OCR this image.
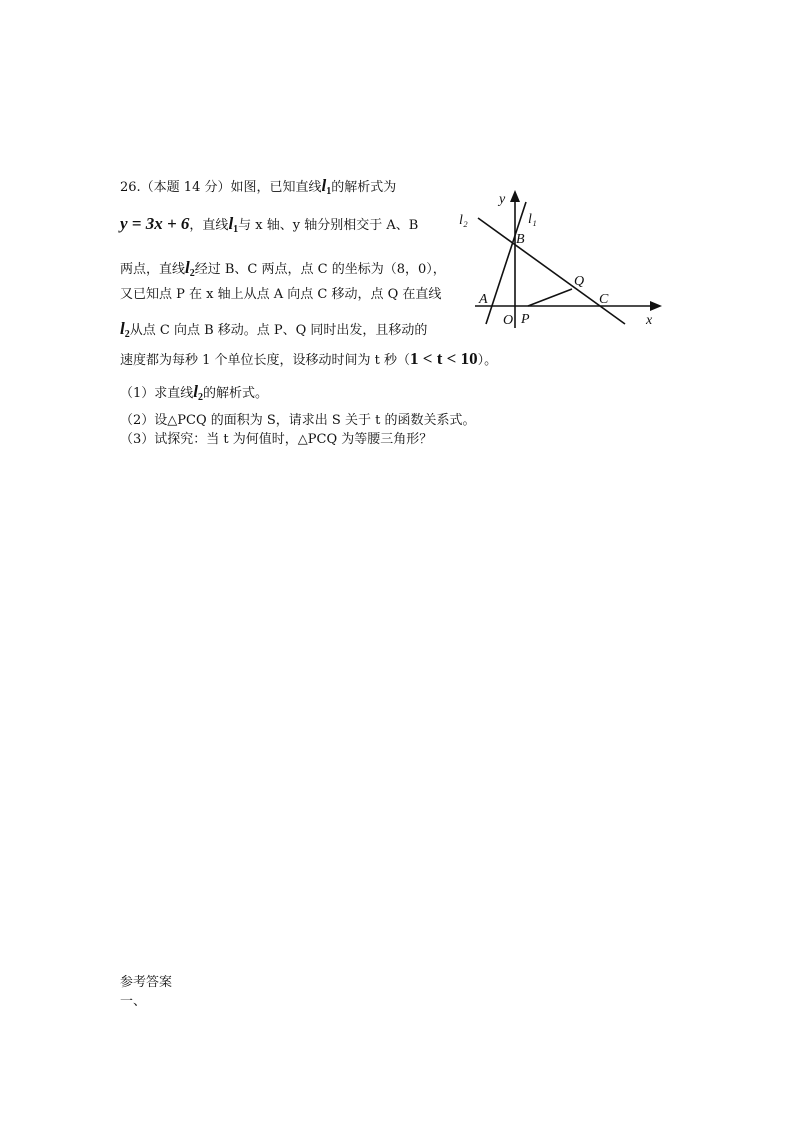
26.（本题 14 分）如图，已知直线l1的解析式为
y = 3x + 6，直线l1与 x 轴、y 轴分别相交于 A、B
两点，直线l2经过 B、C 两点，点 C 的坐标为（8，0），
又已知点 P 在 x 轴上从点 A 向点 C 移动，点 Q 在直线
l2从点 C 向点 B 移动。点 P、Q 同时出发，且移动的
速度都为每秒 1 个单位长度，设移动时间为 t 秒（1 < t < 10）。
（1）求直线l2的解析式。
（2）设△PCQ 的面积为 S，请求出 S 关于 t 的函数关系式。
（3）试探究：当 t 为何值时，△PCQ 为等腰三角形？
y
l₁
l₂
B
Q
A	C
O P	x
参考答案
一、
